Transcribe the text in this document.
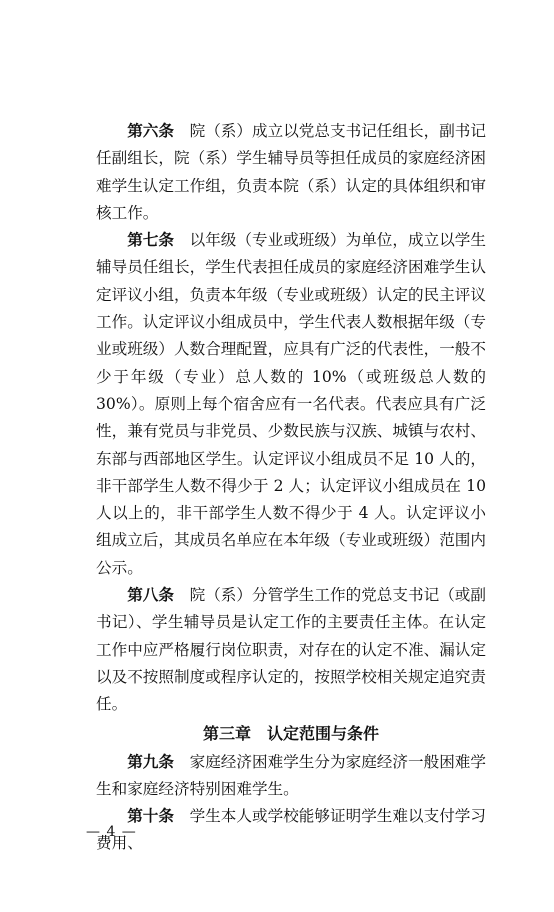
第六条  院（系）成立以党总支书记任组长，副书记任副组长，院（系）学生辅导员等担任成员的家庭经济困难学生认定工作组，负责本院（系）认定的具体组织和审核工作。

第七条  以年级（专业或班级）为单位，成立以学生辅导员任组长，学生代表担任成员的家庭经济困难学生认定评议小组，负责本年级（专业或班级）认定的民主评议工作。认定评议小组成员中，学生代表人数根据年级（专业或班级）人数合理配置，应具有广泛的代表性，一般不少于年级（专业）总人数的 10%（或班级总人数的 30%）。原则上每个宿舍应有一名代表。代表应具有广泛性，兼有党员与非党员、少数民族与汉族、城镇与农村、东部与西部地区学生。认定评议小组成员不足 10 人的，非干部学生人数不得少于 2 人；认定评议小组成员在 10 人以上的，非干部学生人数不得少于 4 人。认定评议小组成立后，其成员名单应在本年级（专业或班级）范围内公示。

第八条  院（系）分管学生工作的党总支书记（或副书记）、学生辅导员是认定工作的主要责任主体。在认定工作中应严格履行岗位职责，对存在的认定不准、漏认定以及不按照制度或程序认定的，按照学校相关规定追究责任。

第三章　认定范围与条件

第九条  家庭经济困难学生分为家庭经济一般困难学生和家庭经济特别困难学生。

第十条  学生本人或学校能够证明学生难以支付学习费用、

— 4 —
